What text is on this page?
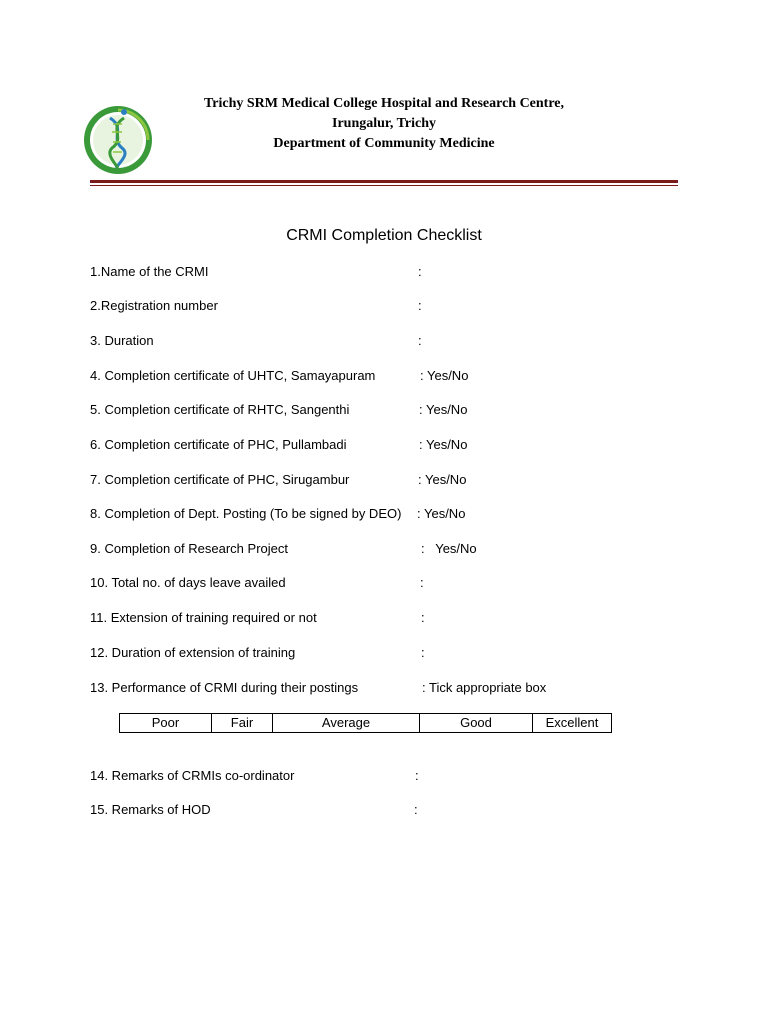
Trichy SRM Medical College Hospital and Research Centre,
Irungalur, Trichy
Department of Community Medicine
CRMI Completion Checklist
1.Name of the CRMI	:
2.Registration number	:
3. Duration	:
4. Completion certificate of UHTC, Samayapuram	: Yes/No
5. Completion certificate of RHTC, Sangenthi	: Yes/No
6. Completion certificate of PHC, Pullambadi	: Yes/No
7. Completion certificate of PHC, Sirugambur	: Yes/No
8. Completion of Dept. Posting (To be signed by DEO) : Yes/No
9. Completion of Research Project	:   Yes/No
10. Total no. of days leave availed	:
11. Extension of training required or not	:
12. Duration of extension of training	:
13. Performance of CRMI during their postings	: Tick appropriate box
Poor	Fair	Average	Good	Excellent
14. Remarks of CRMIs co-ordinator	:
15. Remarks of HOD	:
